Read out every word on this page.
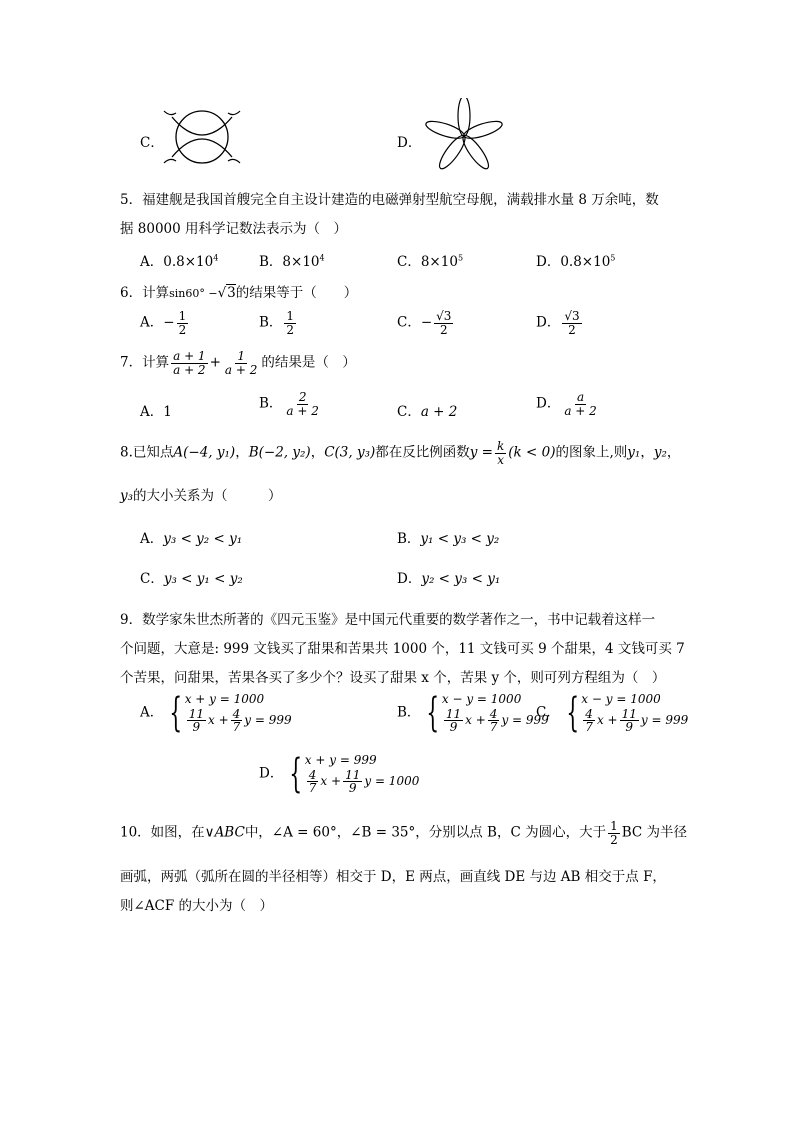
C．	D．
5．福建舰是我国首艘完全自主设计建造的电磁弹射型航空母舰，满载排水量 8 万余吨，数
据 80000 用科学记数法表示为（　）
A．$0.8\times 10^4$	B．$8\times 10^4$	C．$8\times 10^5$	D．$0.8\times 10^5$
6．计算sin60° −√3的结果等于（　　）
A．− $\frac{1}{2}$	B． $\frac{1}{2}$	C．− $\frac{√3}{2}$	D． $\frac{√3}{2}$
7．计算 $\frac{a + 1}{a + 2} + \frac{1}{a + 2}$ 的结果是（　）
A．1
B． $\frac{2}{a + 2}$	C．a + 2
D． $\frac{a}{a + 2}$
8.已知点A(−4, y₁)，B(−2, y₂)，C(3, y₃)都在反比例函数$y = \frac{k}{x} (k < 0)$的图象上,则y₁，y₂，
y₃的大小关系为（　　　）
A．y₃ < y₂ < y₁	B．y₁ < y₃ < y₂
C．y₃ < y₁ < y₂	D．y₂ < y₃ < y₁
9．数学家朱世杰所著的《四元玉鉴》是中国元代重要的数学著作之一，书中记载着这样一
个问题，大意是: 999 文钱买了甜果和苦果共 1000 个，11 文钱可买 9 个甜果，4 文钱可买 7
个苦果，问甜果，苦果各买了多少个？设买了甜果 x 个，苦果 y 个，则可列方程组为（　）
A． { x + y = 1000
$\frac{11}{9}$ $x + \frac{4}{7}$ y = 999	B． { x − y = 1000
$\frac{11}{9}$ $x + \frac{4}{7}$ y = 999
C． { x − y = 1000
$\frac{4}{7}$ $x + \frac{11}{9}$ y = 999
D． { x + y = 999
$\frac{4}{7}$ $x + \frac{11}{9}$ y = 1000
10．如图，在∨ABC中，∠A = 60°，∠B = 35°，分别以点 B，C 为圆心，大于 $\frac{1}{2}$ BC 为半径
画弧，两弧（弧所在圆的半径相等）相交于 D，E 两点，画直线 DE 与边 AB 相交于点 F，
则∠ACF 的大小为（　）
